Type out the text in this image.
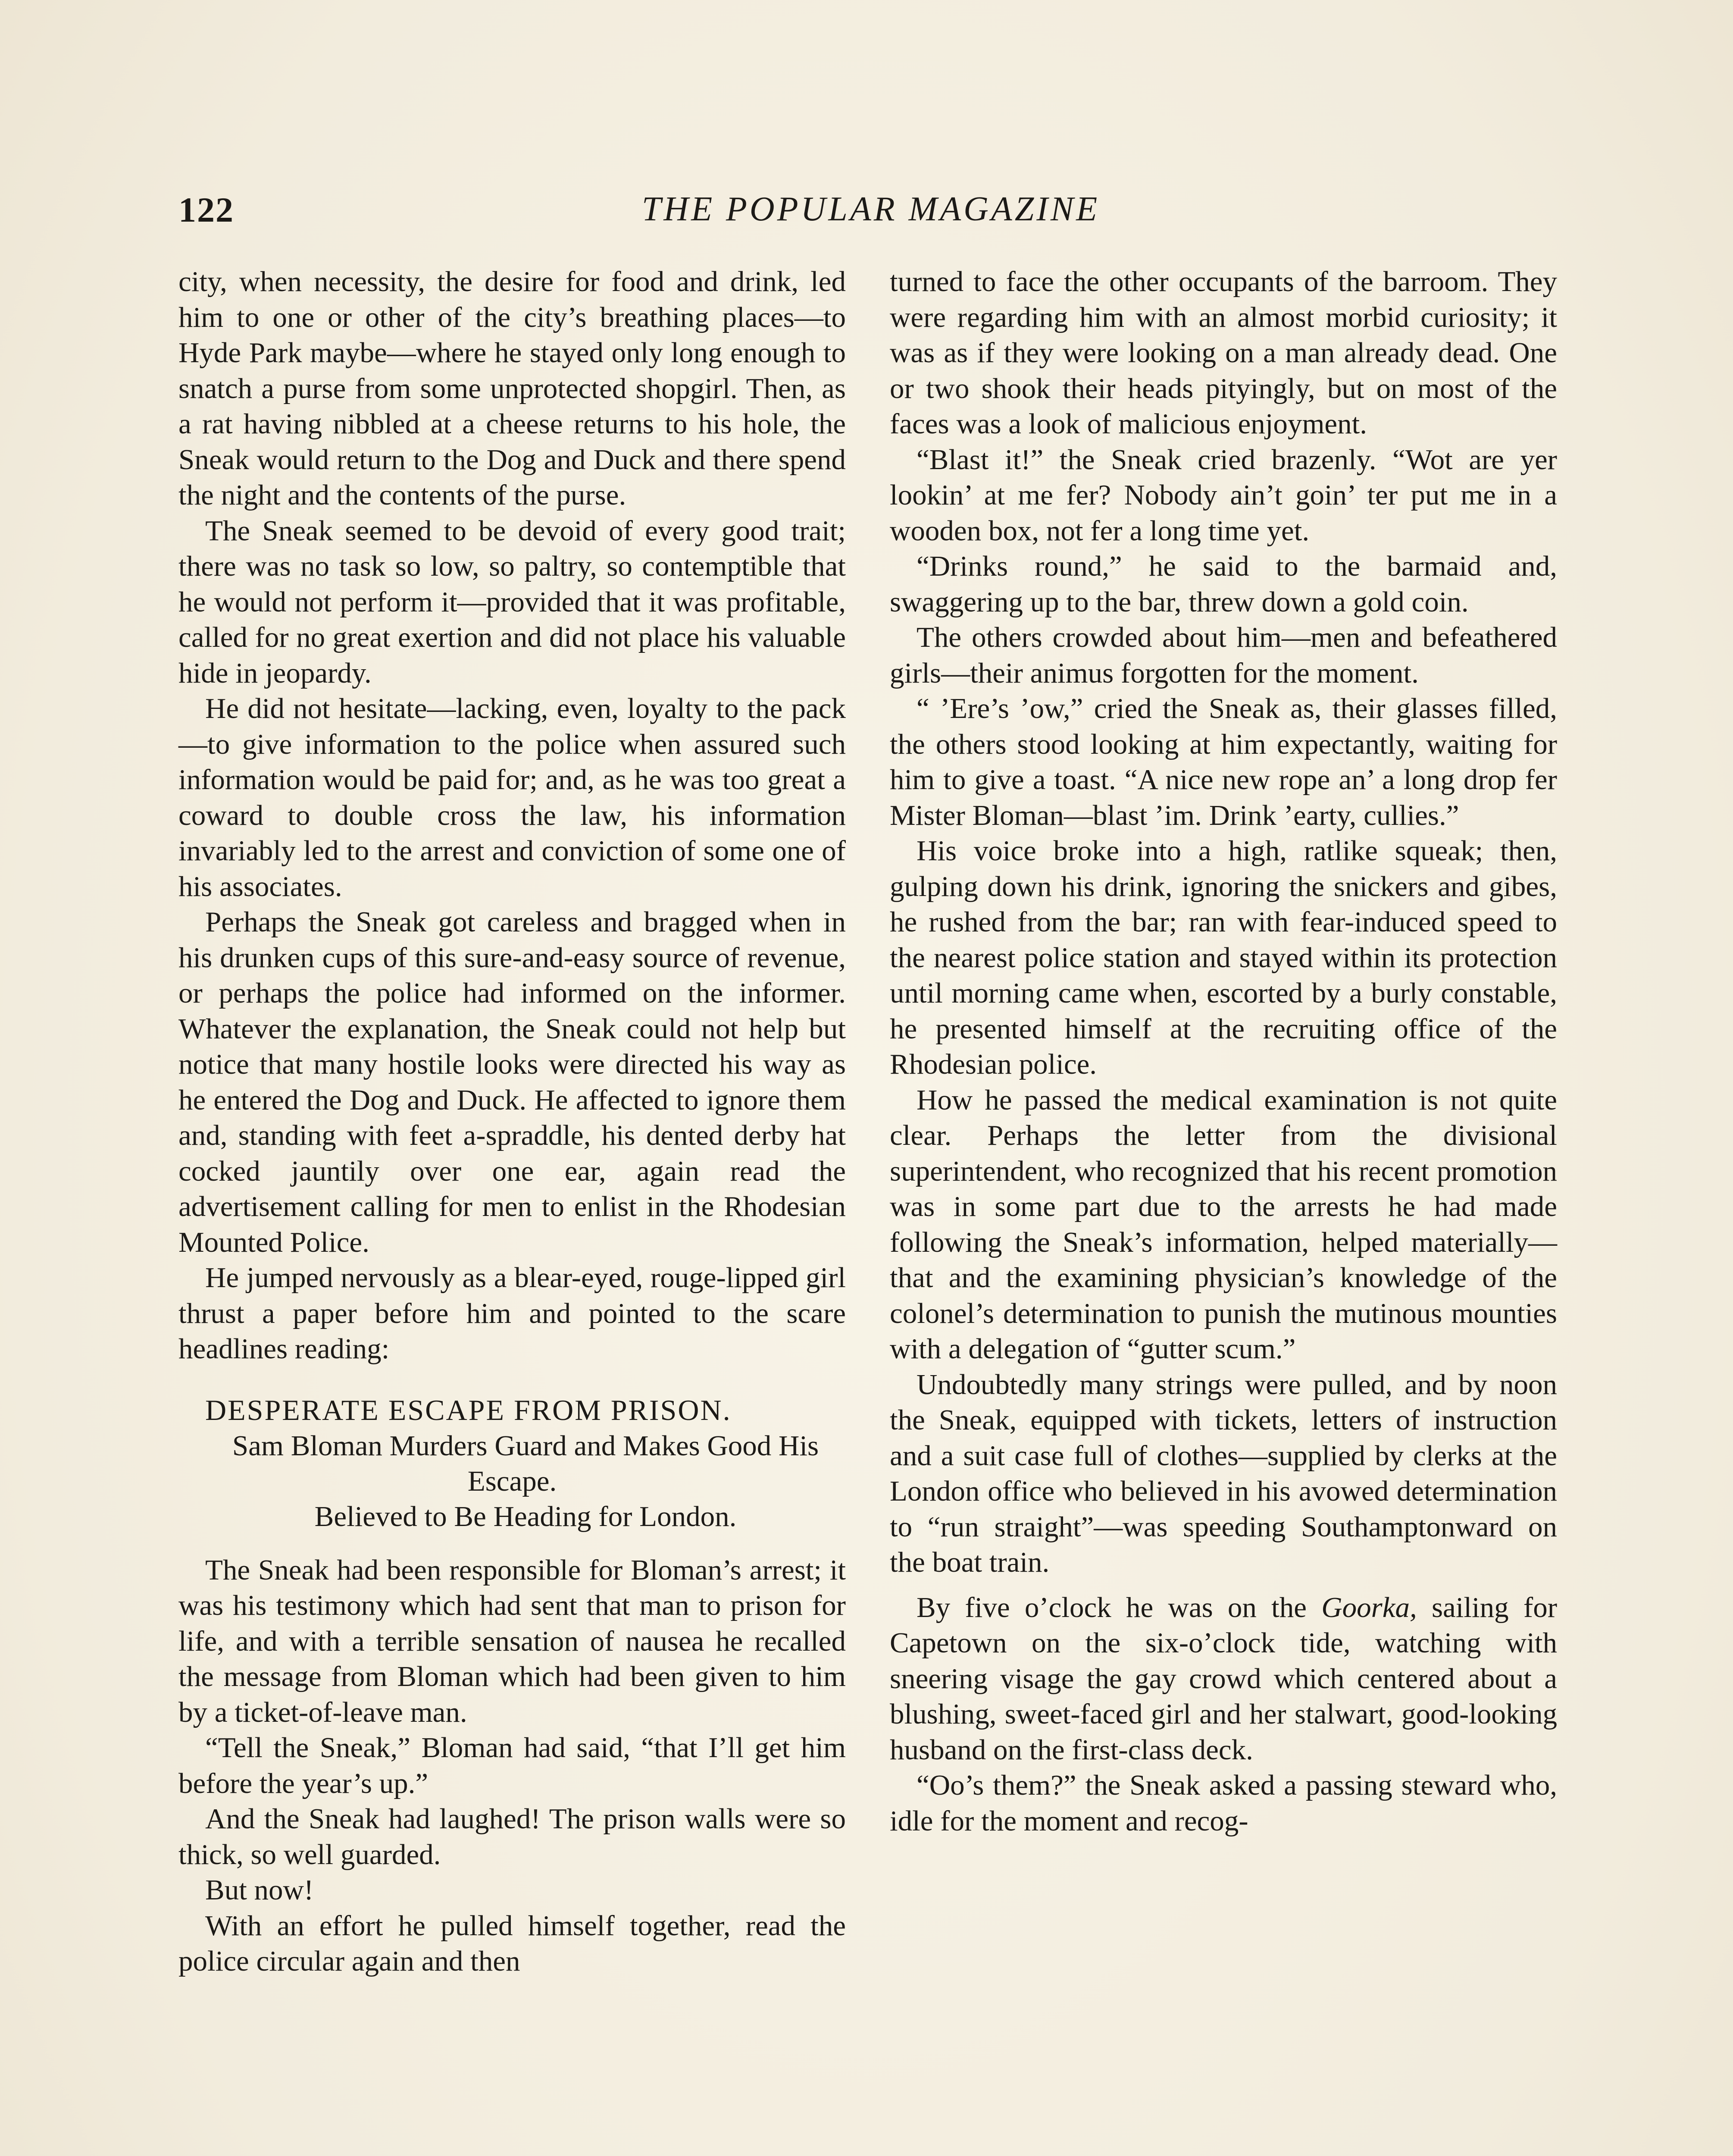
122	THE POPULAR MAGAZINE

city, when necessity, the desire for food and drink, led him to one or other of the city’s breathing places—to Hyde Park maybe—where he stayed only long enough to snatch a purse from some unprotected shopgirl. Then, as a rat having nibbled at a cheese returns to his hole, the Sneak would return to the Dog and Duck and there spend the night and the contents of the purse.

The Sneak seemed to be devoid of every good trait; there was no task so low, so paltry, so contemptible that he would not perform it—provided that it was profitable, called for no great exertion and did not place his valuable hide in jeopardy.

He did not hesitate—lacking, even, loyalty to the pack—to give information to the police when assured such information would be paid for; and, as he was too great a coward to double cross the law, his information invariably led to the arrest and conviction of some one of his associates.

Perhaps the Sneak got careless and bragged when in his drunken cups of this sure-and-easy source of revenue, or perhaps the police had informed on the informer. Whatever the explanation, the Sneak could not help but notice that many hostile looks were directed his way as he entered the Dog and Duck. He affected to ignore them and, standing with feet a-spraddle, his dented derby hat cocked jauntily over one ear, again read the advertisement calling for men to enlist in the Rhodesian Mounted Police.

He jumped nervously as a blear-eyed, rouge-lipped girl thrust a paper before him and pointed to the scare headlines reading:

DESPERATE ESCAPE FROM PRISON.

Sam Bloman Murders Guard and Makes Good His Escape.

Believed to Be Heading for London.

The Sneak had been responsible for Bloman’s arrest; it was his testimony which had sent that man to prison for life, and with a terrible sensation of nausea he recalled the message from Bloman which had been given to him by a ticket-of-leave man.

“Tell the Sneak,” Bloman had said, “that I’ll get him before the year’s up.”

And the Sneak had laughed! The prison walls were so thick, so well guarded.

But now!

With an effort he pulled himself together, read the police circular again and then

turned to face the other occupants of the barroom. They were regarding him with an almost morbid curiosity; it was as if they were looking on a man already dead. One or two shook their heads pityingly, but on most of the faces was a look of malicious enjoyment.

“Blast it!” the Sneak cried brazenly. “Wot are yer lookin’ at me fer? Nobody ain’t goin’ ter put me in a wooden box, not fer a long time yet.

“Drinks round,” he said to the barmaid and, swaggering up to the bar, threw down a gold coin.

The others crowded about him—men and befeathered girls—their animus forgotten for the moment.

“ ’Ere’s ’ow,” cried the Sneak as, their glasses filled, the others stood looking at him expectantly, waiting for him to give a toast. “A nice new rope an’ a long drop fer Mister Bloman—blast ’im. Drink ’earty, cullies.”

His voice broke into a high, ratlike squeak; then, gulping down his drink, ignoring the snickers and gibes, he rushed from the bar; ran with fear-induced speed to the nearest police station and stayed within its protection until morning came when, escorted by a burly constable, he presented himself at the recruiting office of the Rhodesian police.

How he passed the medical examination is not quite clear. Perhaps the letter from the divisional superintendent, who recognized that his recent promotion was in some part due to the arrests he had made following the Sneak’s information, helped materially—that and the examining physician’s knowledge of the colonel’s determination to punish the mutinous mounties with a delegation of “gutter scum.”

Undoubtedly many strings were pulled, and by noon the Sneak, equipped with tickets, letters of instruction and a suit case full of clothes—supplied by clerks at the London office who believed in his avowed determination to “run straight”—was speeding Southamptonward on the boat train.

By five o’clock he was on the Goorka, sailing for Capetown on the six-o’clock tide, watching with sneering visage the gay crowd which centered about a blushing, sweet-faced girl and her stalwart, good-looking husband on the first-class deck.

“Oo’s them?” the Sneak asked a passing steward who, idle for the moment and recog-
